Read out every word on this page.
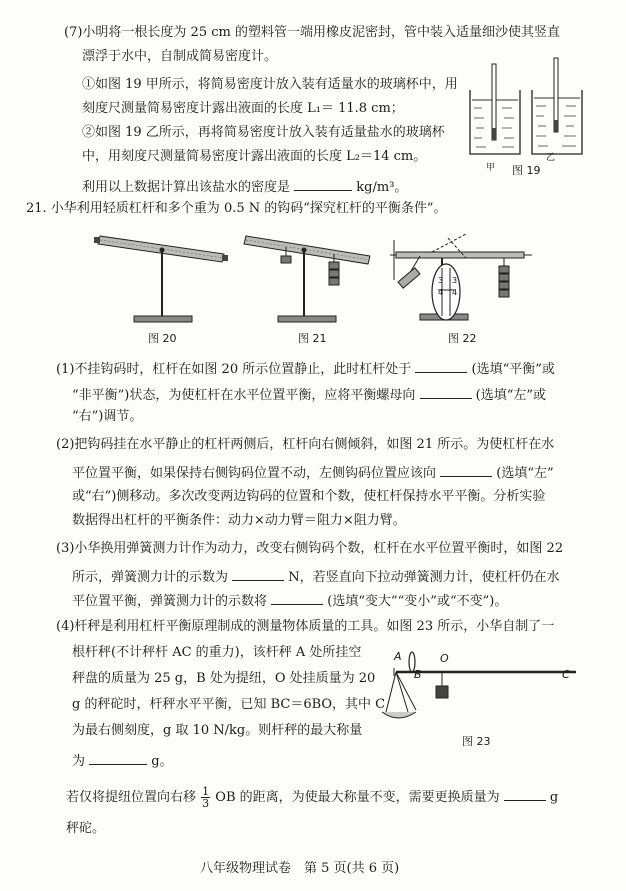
(7)小明将一根长度为 25 cm 的塑料管一端用橡皮泥密封，管中装入适量细沙使其竖直
漂浮于水中，自制成简易密度计。
①如图 19 甲所示，将简易密度计放入装有适量水的玻璃杯中，用
刻度尺测量简易密度计露出液面的长度 L₁＝ 11.8 cm；
②如图 19 乙所示，再将简易密度计放入装有适量盐水的玻璃杯
中，用刻度尺测量简易密度计露出液面的长度 L₂＝14 cm。
利用以上数据计算出该盐水的密度是	kg/m³。
甲
乙
图 19
21. 小华利用轻质杠杆和多个重为 0.5 N 的钩码“探究杠杆的平衡条件”。
图 20	图 21
3
4
3
4
图 22
(1)不挂钩码时，杠杆在如图 20 所示位置静止，此时杠杆处于	(选填“平衡”或
“非平衡”)状态，为使杠杆在水平位置平衡，应将平衡螺母向	(选填“左”或
“右”)调节。
(2)把钩码挂在水平静止的杠杆两侧后，杠杆向右侧倾斜，如图 21 所示。为使杠杆在水
平位置平衡，如果保持右侧钩码位置不动，左侧钩码位置应该向	(选填“左”
或“右”)侧移动。多次改变两边钩码的位置和个数，使杠杆保持水平平衡。分析实验
数据得出杠杆的平衡条件：动力×动力臂＝阻力×阻力臂。
(3)小华换用弹簧测力计作为动力，改变右侧钩码个数，杠杆在水平位置平衡时，如图 22
所示，弹簧测力计的示数为	N，若竖直向下拉动弹簧测力计，使杠杆仍在水
平位置平衡，弹簧测力计的示数将	(选填“变大”“变小”或“不变”)。
(4)杆秤是利用杠杆平衡原理制成的测量物体质量的工具。如图 23 所示，小华自制了一
根杆秤(不计秤杆 AC 的重力)，该杆秤 A 处所挂空
秤盘的质量为 25 g，B 处为提纽，O 处挂质量为 20
g 的秤砣时，杆秤水平平衡，已知 BC＝6BO，其中 C
为最右侧刻度，g 取 10 N/kg。则杆秤的最大称量
为	g。
若仅将提纽位置向右移 $\frac{1}{3}$ OB 的距离，为使最大称量不变，需要更换质量为	g
秤砣。
A
B
O
C
图 23
八年级物理试卷　第 5 页(共 6 页)
